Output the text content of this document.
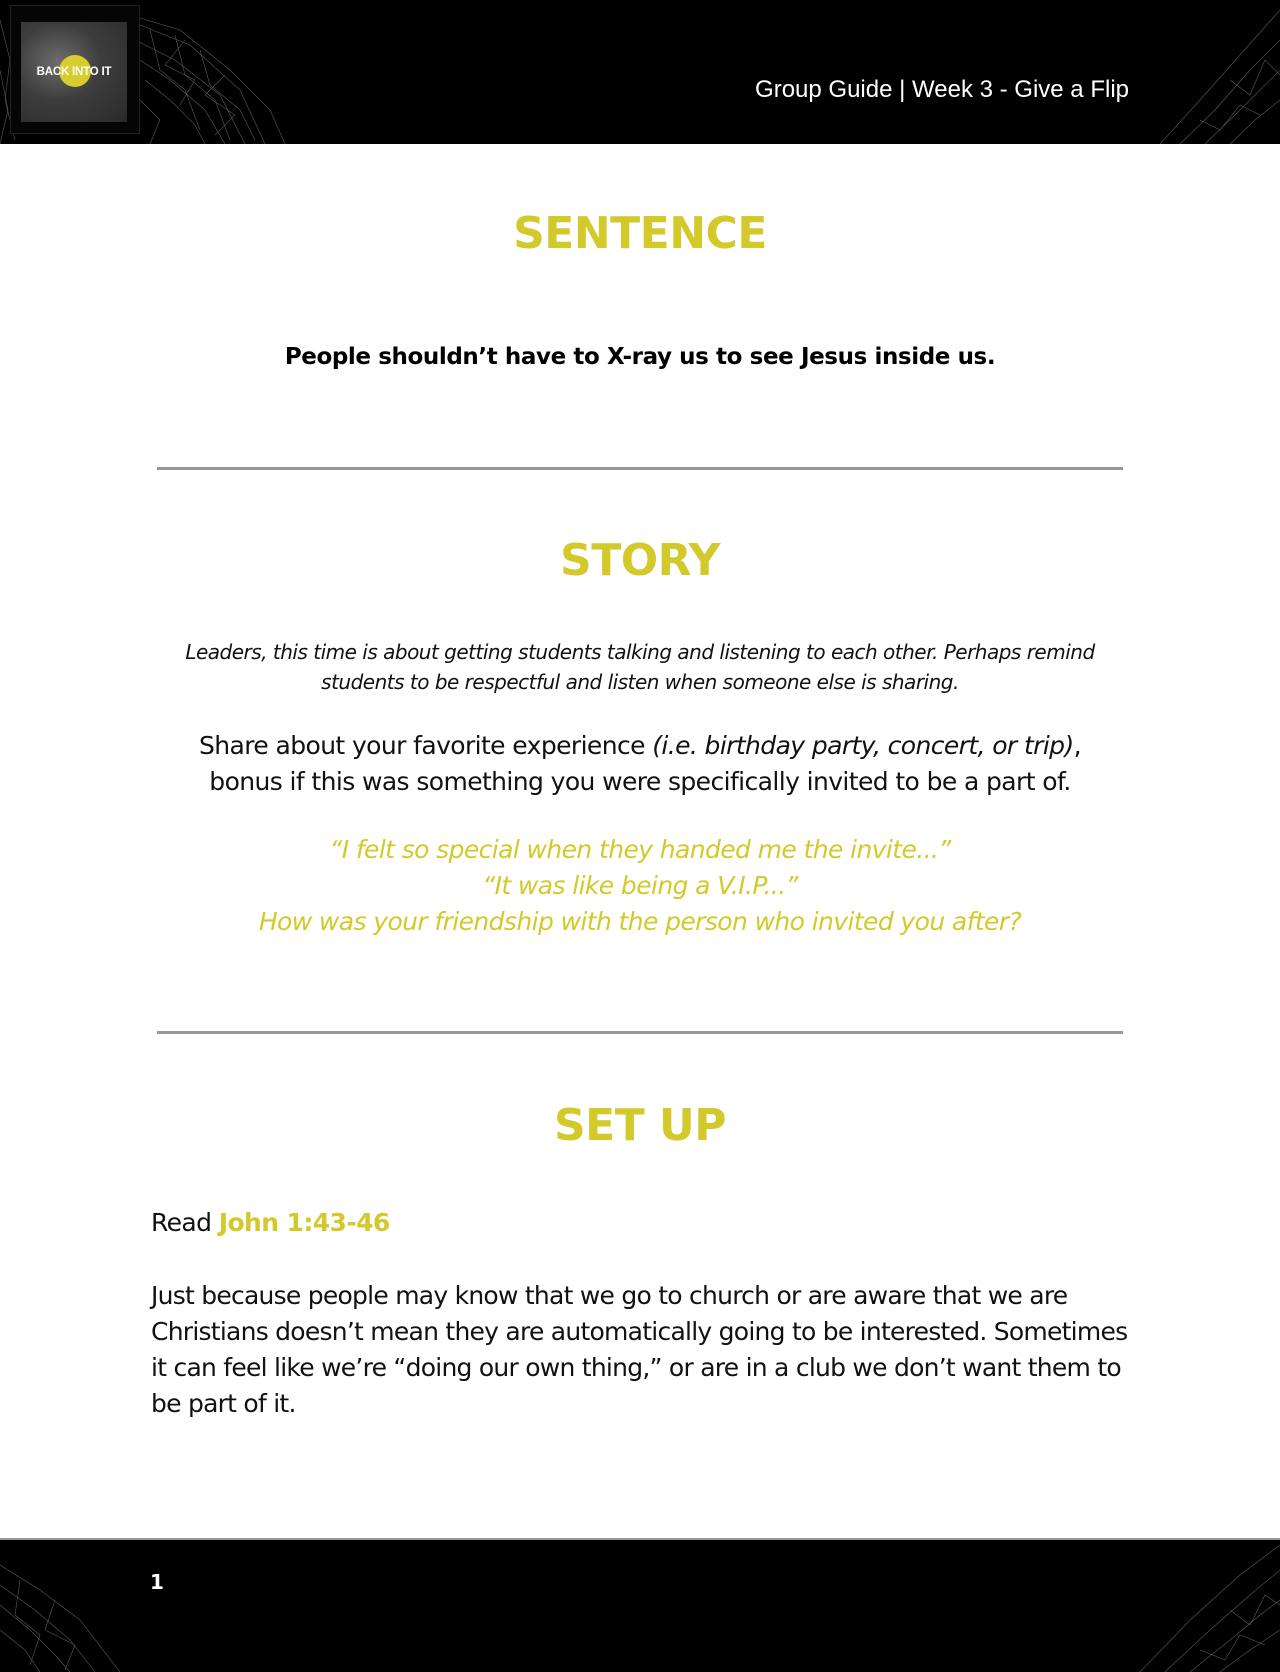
BACK INTO IT
Group Guide | Week 3 - Give a Flip
SENTENCE
People shouldn’t have to X-ray us to see Jesus inside us.
STORY
Leaders, this time is about getting students talking and listening to each other. Perhaps remind
students to be respectful and listen when someone else is sharing.
Share about your favorite experience (i.e. birthday party, concert, or trip),
bonus if this was something you were specifically invited to be a part of.
“I felt so special when they handed me the invite...”
“It was like being a V.I.P...”
How was your friendship with the person who invited you after?
SET UP
Read John 1:43-46
Just because people may know that we go to church or are aware that we are Christians doesn’t mean they are automatically going to be interested. Sometimes it can feel like we’re “doing our own thing,” or are in a club we don’t want them to be part of it.
1
